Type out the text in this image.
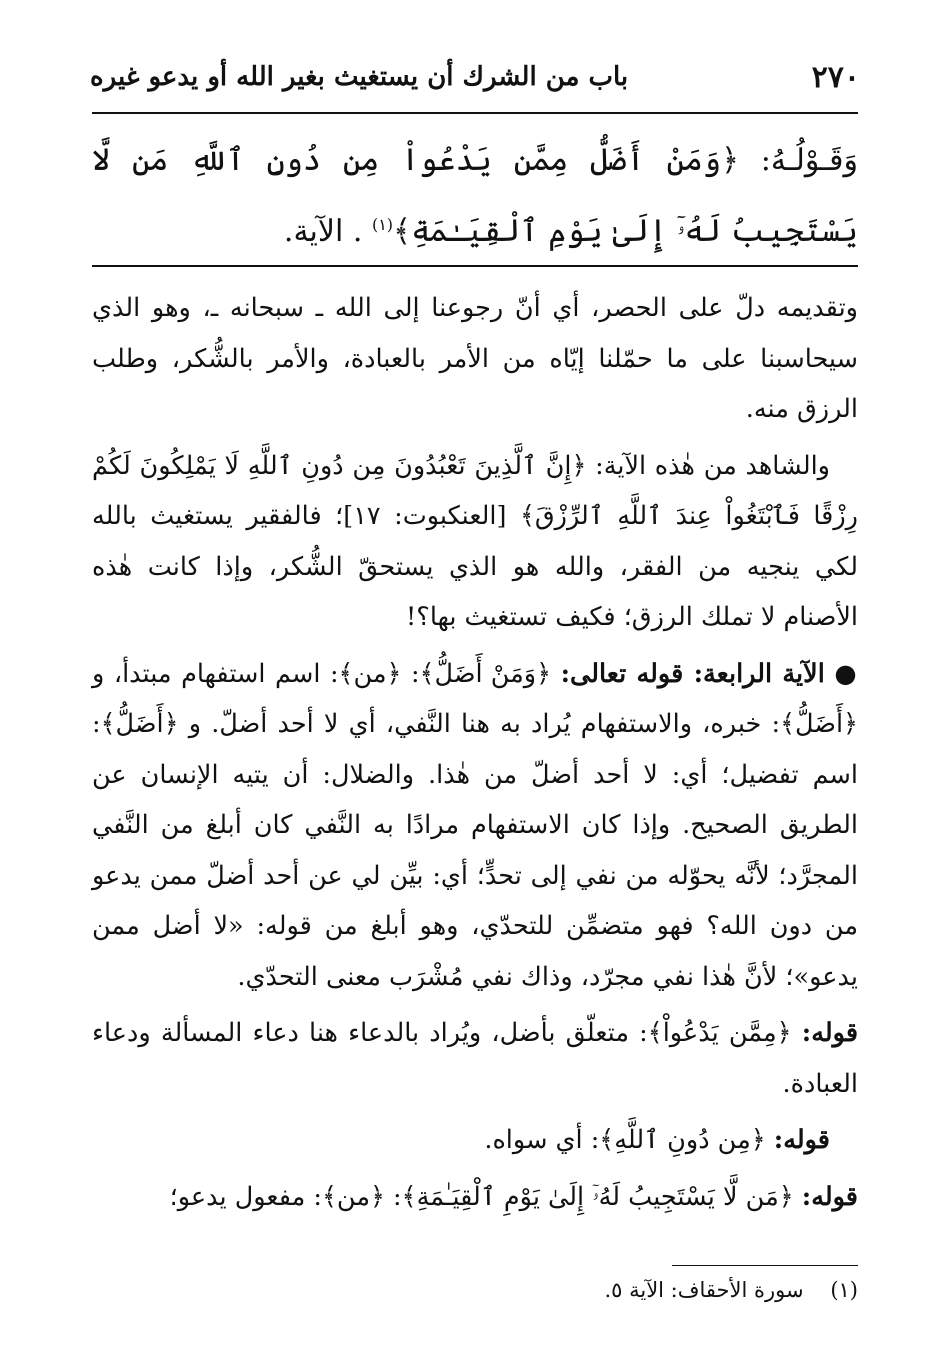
٢٧٠
باب من الشرك أن يستغيث بغير الله أو يدعو غيره
وَقَـوْلُـهُ: ﴿وَمَنْ أَضَلُّ مِمَّن يَدْعُواْ مِن دُونِ ٱللَّهِ مَن لَّا يَسْتَجِيبُ لَهُۥٓ إِلَىٰ يَوْمِ ٱلْقِيَـٰمَةِ﴾$^{(١)}$ . الآية.

وتقديمه دلّ على الحصر، أي أنّ رجوعنا إلى الله ـ سبحانه ـ، وهو الذي سيحاسبنا على ما حمّلنا إيّاه من الأمر بالعبادة، والأمر بالشُّكر، وطلب الرزق منه.

والشاهد من هٰذه الآية: ﴿إِنَّ ٱلَّذِينَ تَعْبُدُونَ مِن دُونِ ٱللَّهِ لَا يَمْلِكُونَ لَكُمْ رِزْقًا فَٱبْتَغُواْ عِندَ ٱللَّهِ ٱلرِّزْقَ﴾ [العنكبوت: ١٧]؛ فالفقير يستغيث بالله لكي ينجيه من الفقر، والله هو الذي يستحقّ الشُّكر، وإذا كانت هٰذه الأصنام لا تملك الرزق؛ فكيف تستغيث بها؟!

● الآية الرابعة: قوله تعالى: ﴿وَمَنْ أَضَلُّ﴾: ﴿من﴾: اسم استفهام مبتدأ، و ﴿أَضَلُّ﴾: خبره، والاستفهام يُراد به هنا النَّفي، أي لا أحد أضلّ. و ﴿أَضَلُّ﴾: اسم تفضيل؛ أي: لا أحد أضلّ من هٰذا. والضلال: أن يتيه الإنسان عن الطريق الصحيح. وإذا كان الاستفهام مرادًا به النَّفي كان أبلغ من النَّفي المجرَّد؛ لأنَّه يحوّله من نفي إلى تحدٍّ؛ أي: بيِّن لي عن أحد أضلّ ممن يدعو من دون الله؟ فهو متضمِّن للتحدّي، وهو أبلغ من قوله: «لا أضل ممن يدعو»؛ لأنَّ هٰذا نفي مجرّد، وذاك نفي مُشْرَب معنى التحدّي.

قوله: ﴿مِمَّن يَدْعُواْ﴾: متعلّق بأضل، ويُراد بالدعاء هنا دعاء المسألة ودعاء العبادة.

قوله: ﴿مِن دُونِ ٱللَّهِ﴾: أي سواه.

قوله: ﴿مَن لَّا يَسْتَجِيبُ لَهُۥٓ إِلَىٰ يَوْمِ ٱلْقِيَـٰمَةِ﴾: ﴿من﴾: مفعول يدعو؛

(١)    سورة الأحقاف: الآية ٥.
